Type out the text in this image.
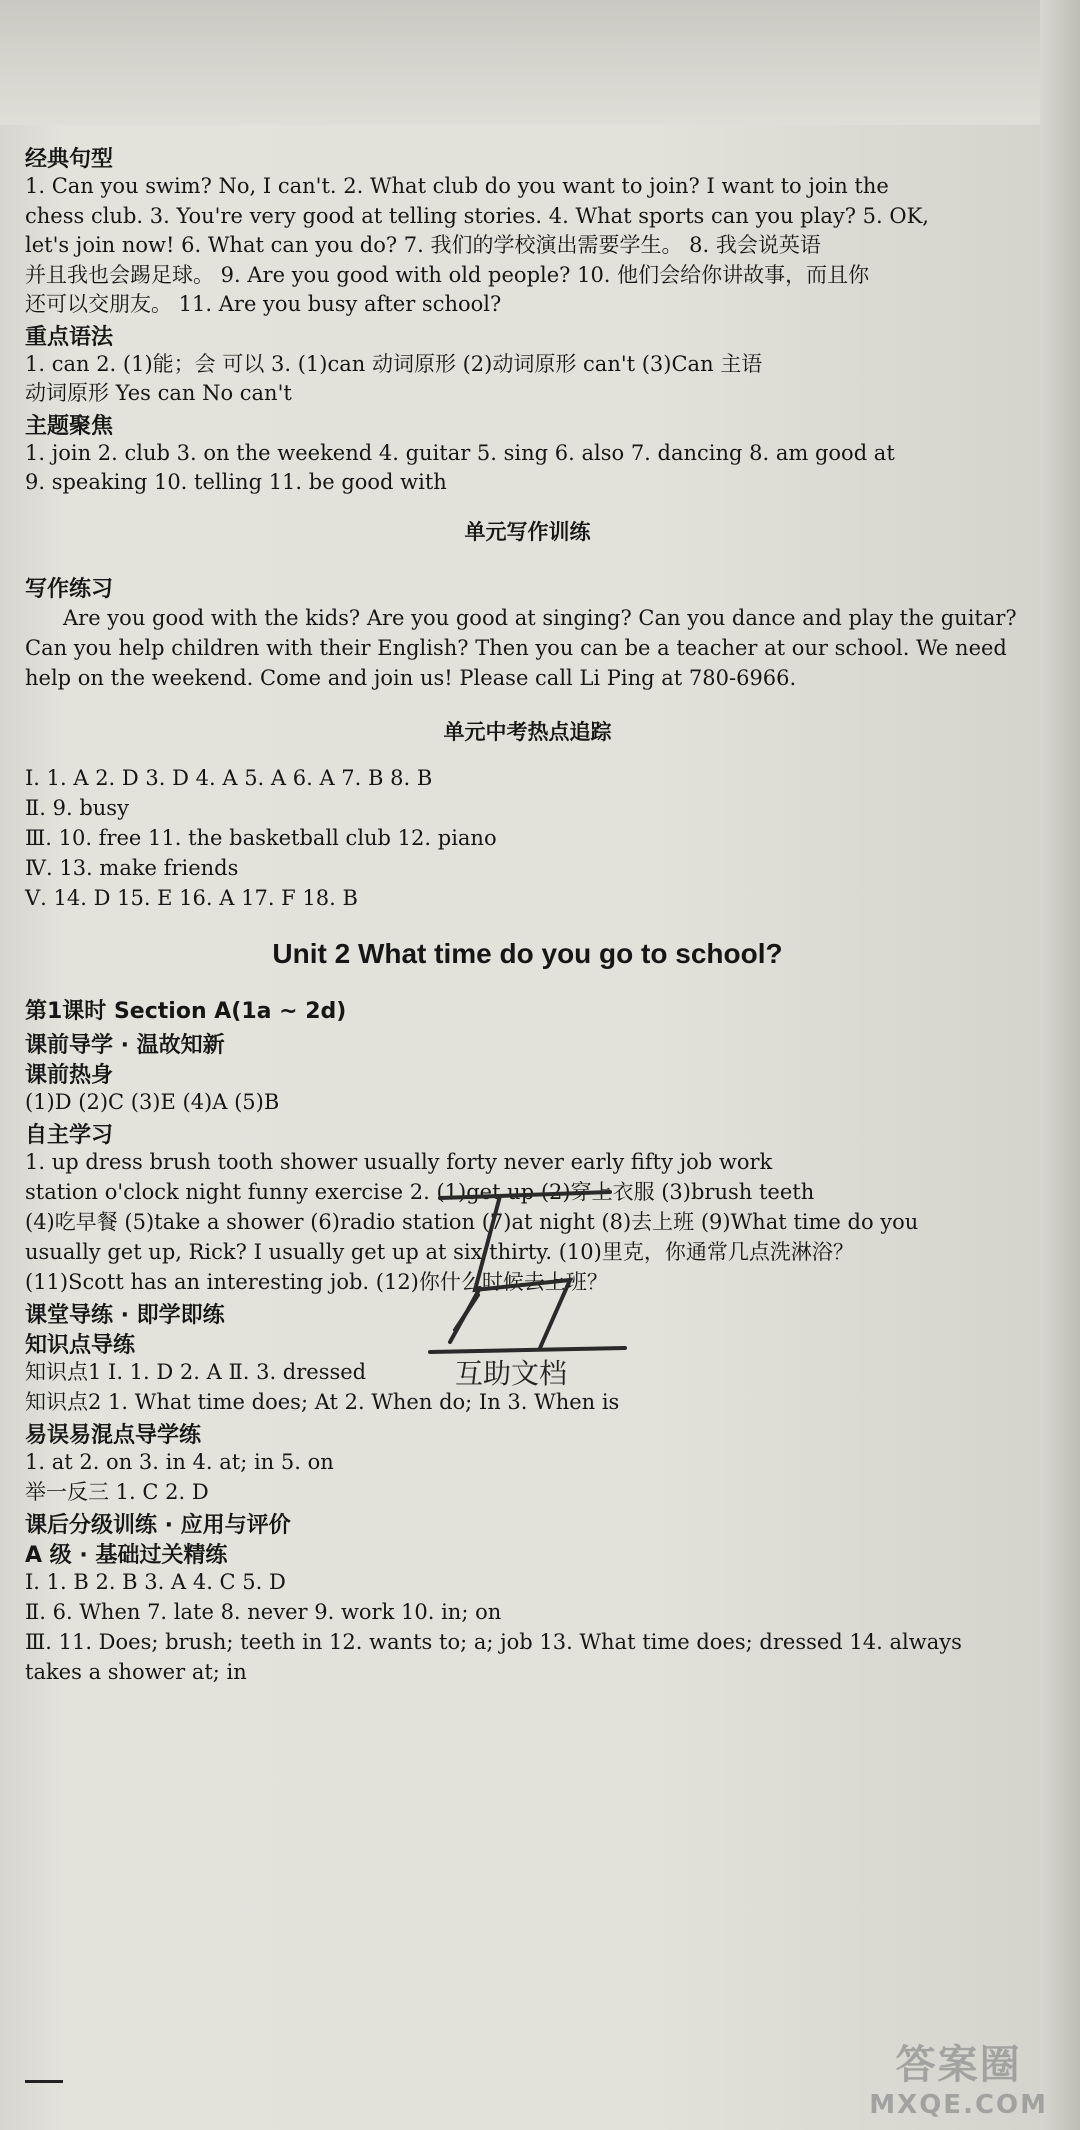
经典句型
1. Can you swim? No, I can't. 2. What club do you want to join? I want to join the
chess club. 3. You're very good at telling stories. 4. What sports can you play? 5. OK,
let's join now! 6. What can you do? 7. 我们的学校演出需要学生。 8. 我会说英语
并且我也会踢足球。 9. Are you good with old people? 10. 他们会给你讲故事，而且你
还可以交朋友。 11. Are you busy after school?
重点语法
1. can 2. (1)能；会 可以 3. (1)can 动词原形 (2)动词原形 can't (3)Can 主语
动词原形 Yes can No can't
主题聚焦
1. join 2. club 3. on the weekend 4. guitar 5. sing 6. also 7. dancing 8. am good at
9. speaking 10. telling 11. be good with
单元写作训练
写作练习
Are you good with the kids? Are you good at singing? Can you dance and play the guitar?
Can you help children with their English? Then you can be a teacher at our school. We need
help on the weekend. Come and join us! Please call Li Ping at 780-6966.
单元中考热点追踪
Ⅰ. 1. A 2. D 3. D 4. A 5. A 6. A 7. B 8. B
Ⅱ. 9. busy
Ⅲ. 10. free 11. the basketball club 12. piano
Ⅳ. 13. make friends
Ⅴ. 14. D 15. E 16. A 17. F 18. B
Unit 2 What time do you go to school?
第1课时 Section A(1a ~ 2d)
课前导学 · 温故知新
课前热身
(1)D (2)C (3)E (4)A (5)B
自主学习
1. up dress brush tooth shower usually forty never early fifty job work
station o'clock night funny exercise 2. (1)get up (2)穿上衣服 (3)brush teeth
(4)吃早餐 (5)take a shower (6)radio station (7)at night (8)去上班 (9)What time do you
usually get up, Rick? I usually get up at six thirty. (10)里克，你通常几点洗淋浴？
(11)Scott has an interesting job. (12)你什么时候去上班？
课堂导练 · 即学即练
知识点导练
知识点1 Ⅰ. 1. D 2. A Ⅱ. 3. dressed
知识点2 1. What time does; At 2. When do; In 3. When is
易误易混点导学练
1. at 2. on 3. in 4. at; in 5. on
举一反三 1. C 2. D
课后分级训练 · 应用与评价
A 级 · 基础过关精练
Ⅰ. 1. B 2. B 3. A 4. C 5. D
Ⅱ. 6. When 7. late 8. never 9. work 10. in; on
Ⅲ. 11. Does; brush; teeth in 12. wants to; a; job 13. What time does; dressed 14. always
takes a shower at; in
互助文档
答案圈
MXQE.COM
